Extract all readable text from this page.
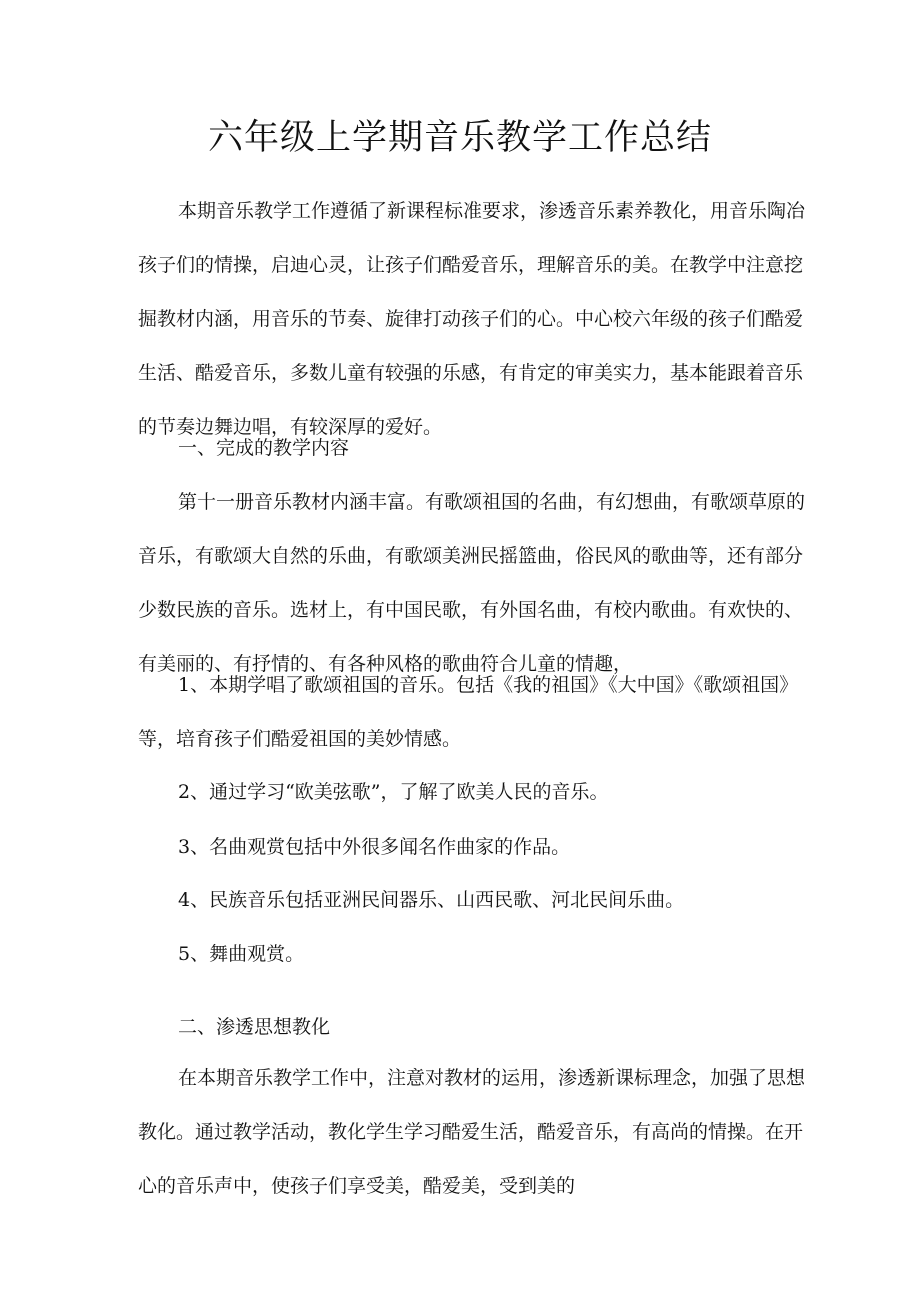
六年级上学期音乐教学工作总结

本期音乐教学工作遵循了新课程标准要求，渗透音乐素养教化，用音乐陶冶孩子们的情操，启迪心灵，让孩子们酷爱音乐，理解音乐的美。在教学中注意挖掘教材内涵，用音乐的节奏、旋律打动孩子们的心。中心校六年级的孩子们酷爱生活、酷爱音乐，多数儿童有较强的乐感，有肯定的审美实力，基本能跟着音乐的节奏边舞边唱，有较深厚的爱好。

一、完成的教学内容

第十一册音乐教材内涵丰富。有歌颂祖国的名曲，有幻想曲，有歌颂草原的音乐，有歌颂大自然的乐曲，有歌颂美洲民摇篮曲，俗民风的歌曲等，还有部分少数民族的音乐。选材上，有中国民歌，有外国名曲，有校内歌曲。有欢快的、有美丽的、有抒情的、有各种风格的歌曲符合儿童的情趣，

1、本期学唱了歌颂祖国的音乐。包括《我的祖国》《大中国》《歌颂祖国》等，培育孩子们酷爱祖国的美妙情感。

2、通过学习“欧美弦歌”，了解了欧美人民的音乐。

3、名曲观赏包括中外很多闻名作曲家的作品。

4、民族音乐包括亚洲民间器乐、山西民歌、河北民间乐曲。

5、舞曲观赏。

二、渗透思想教化

在本期音乐教学工作中，注意对教材的运用，渗透新课标理念，加强了思想教化。通过教学活动，教化学生学习酷爱生活，酷爱音乐，有高尚的情操。在开心的音乐声中，使孩子们享受美，酷爱美，受到美的
